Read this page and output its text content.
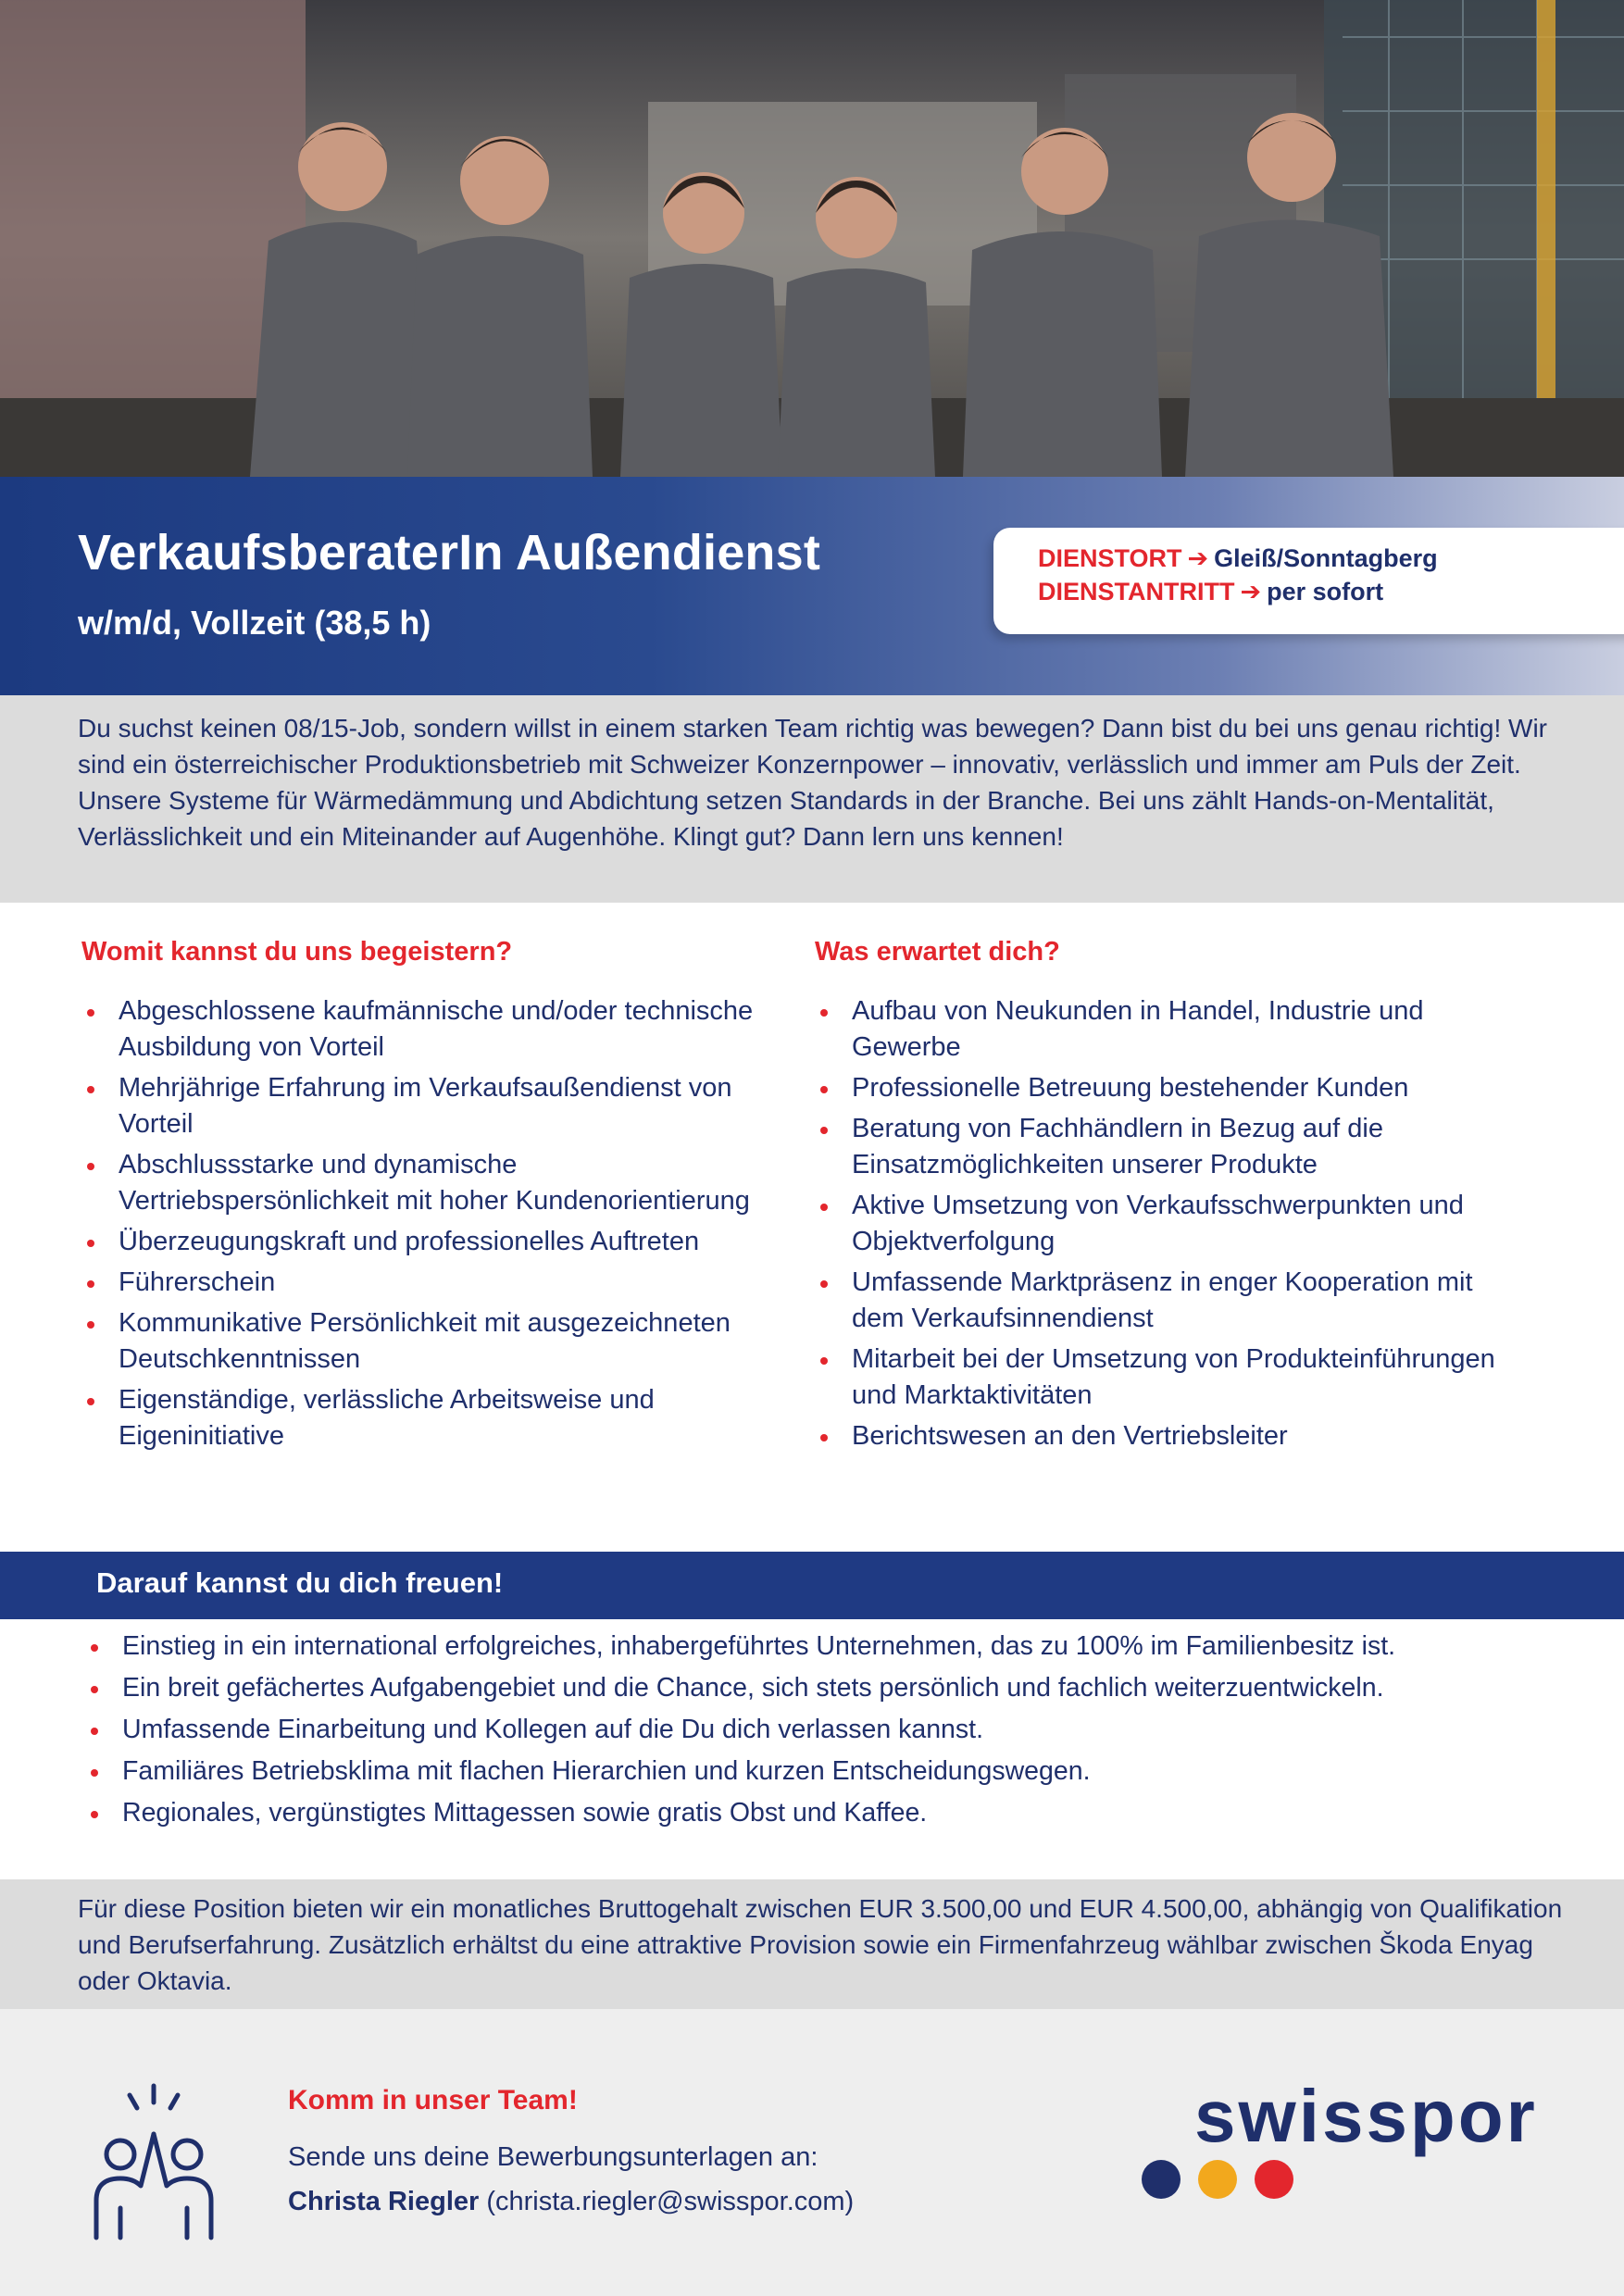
VerkaufsberaterIn Außendienst
w/m/d, Vollzeit (38,5 h)
DIENSTORT ➔ Gleiß/Sonntagberg
DIENSTANTRITT ➔ per sofort

Du suchst keinen 08/15-Job, sondern willst in einem starken Team richtig was bewegen? Dann bist du bei uns genau richtig! Wir sind ein österreichischer Produktionsbetrieb mit Schweizer Konzernpower – innovativ, verlässlich und immer am Puls der Zeit. Unsere Systeme für Wärmedämmung und Abdichtung setzen Standards in der Branche. Bei uns zählt Hands-on-Mentalität, Verlässlichkeit und ein Miteinander auf Augenhöhe. Klingt gut? Dann lern uns kennen!

Womit kannst du uns begeistern?	Was erwartet dich?
Abgeschlossene kaufmännische und/oder technische Ausbildung von Vorteil
Mehrjährige Erfahrung im Verkaufsaußendienst von Vorteil
Abschlussstarke und dynamische Vertriebspersönlichkeit mit hoher Kundenorientierung
Überzeugungskraft und professionelles Auftreten
Führerschein
Kommunikative Persönlichkeit mit ausgezeichneten Deutschkenntnissen
Eigenständige, verlässliche Arbeitsweise und Eigeninitiative
Aufbau von Neukunden in Handel, Industrie und Gewerbe
Professionelle Betreuung bestehender Kunden
Beratung von Fachhändlern in Bezug auf die Einsatzmöglichkeiten unserer Produkte
Aktive Umsetzung von Verkaufsschwerpunkten und Objektverfolgung
Umfassende Marktpräsenz in enger Kooperation mit dem Verkaufsinnendienst
Mitarbeit bei der Umsetzung von Produkteinführungen und Marktaktivitäten
Berichtswesen an den Vertriebsleiter
Darauf kannst du dich freuen!
Einstieg in ein international erfolgreiches, inhabergeführtes Unternehmen, das zu 100% im Familienbesitz ist.
Ein breit gefächertes Aufgabengebiet und die Chance, sich stets persönlich und fachlich weiterzuentwickeln.
Umfassende Einarbeitung und Kollegen auf die Du dich verlassen kannst.
Familiäres Betriebsklima mit flachen Hierarchien und kurzen Entscheidungswegen.
Regionales, vergünstigtes Mittagessen sowie gratis Obst und Kaffee.

Für diese Position bieten wir ein monatliches Bruttogehalt zwischen EUR 3.500,00 und EUR 4.500,00, abhängig von Qualifikation und Berufserfahrung. Zusätzlich erhältst du eine attraktive Provision sowie ein Firmenfahrzeug wählbar zwischen Škoda Enyag oder Oktavia.

Komm in unser Team!
Sende uns deine Bewerbungsunterlagen an:
Christa Riegler (christa.riegler@swisspor.com)
swisspor
